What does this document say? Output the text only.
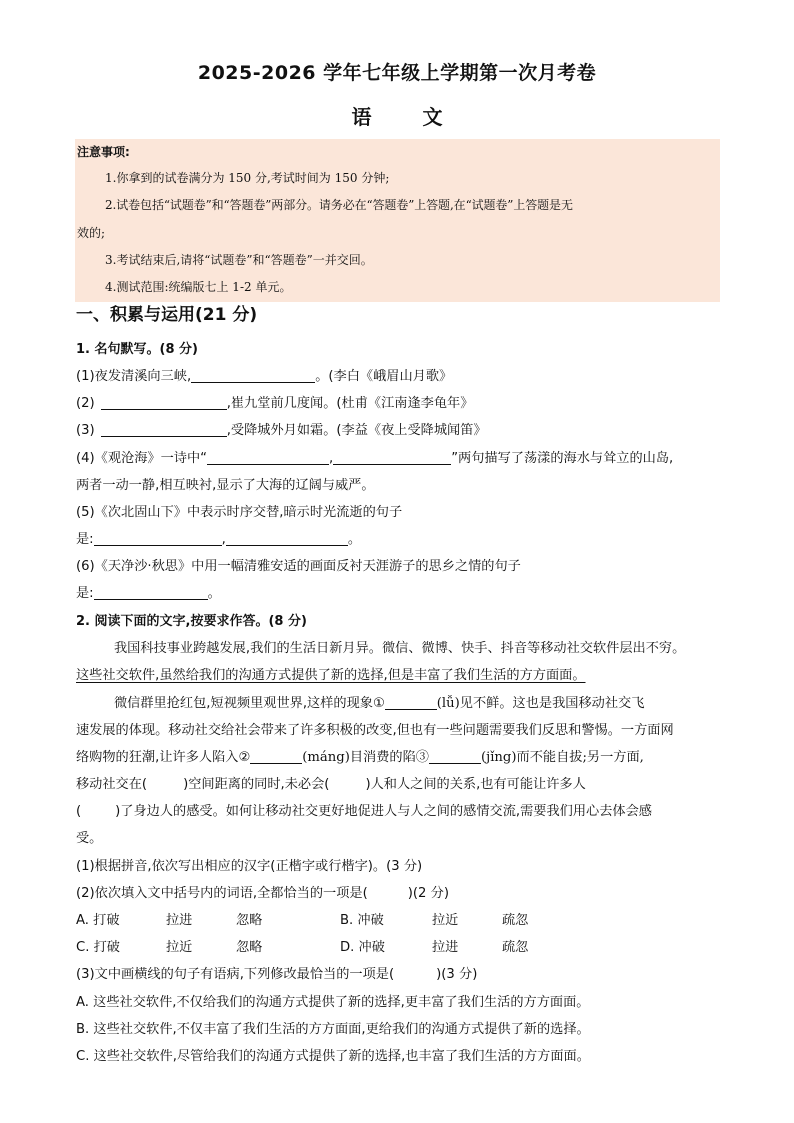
2025-2026 学年七年级上学期第一次月考卷
语 文
注意事项:
1.你拿到的试卷满分为 150 分,考试时间为 150 分钟;
2.试卷包括“试题卷”和“答题卷”两部分。请务必在“答题卷”上答题,在“试题卷”上答题是无
效的;
3.考试结束后,请将“试题卷”和“答题卷”一并交回。
4.测试范围:统编版七上 1-2 单元。
一、积累与运用(21 分)
1. 名句默写。(8 分)
(1)夜发清溪向三峡,	。(李白《峨眉山月歌》
(2)	,崔九堂前几度闻。(杜甫《江南逢李龟年》
(3)	,受降城外月如霜。(李益《夜上受降城闻笛》
(4)《观沧海》一诗中“	,	”两句描写了荡漾的海水与耸立的山岛,
两者一动一静,相互映衬,显示了大海的辽阔与威严。
(5)《次北固山下》中表示时序交替,暗示时光流逝的句子
是:	,	。
(6)《天净沙·秋思》中用一幅清雅安适的画面反衬天涯游子的思乡之情的句子
是:	。
2. 阅读下面的文字,按要求作答。(8 分)
我国科技事业跨越发展,我们的生活日新月异。微信、微博、快手、抖音等移动社交软件层出不穷。
这些社交软件,虽然给我们的沟通方式提供了新的选择,但是丰富了我们生活的方方面面。
微信群里抢红包,短视频里观世界,这样的现象①	(lǚ)见不鲜。这也是我国移动社交飞
速发展的体现。移动社交给社会带来了许多积极的改变,但也有一些问题需要我们反思和警惕。一方面网
络购物的狂潮,让许多人陷入②	(máng)目消费的陷③	(jǐng)而不能自拔;另一方面,
移动社交在(	)空间距离的同时,未必会(	)人和人之间的关系,也有可能让许多人
(	)了身边人的感受。如何让移动社交更好地促进人与人之间的感情交流,需要我们用心去体会感
受。
(1)根据拼音,依次写出相应的汉字(正楷字或行楷字)。(3 分)
(2)依次填入文中括号内的词语,全都恰当的一项是(	)(2 分)
A. 打破	拉进	忽略	B. 冲破	拉近	疏忽
C. 打破	拉近	忽略	D. 冲破	拉进	疏忽
(3)文中画横线的句子有语病,下列修改最恰当的一项是(	)(3 分)
A. 这些社交软件,不仅给我们的沟通方式提供了新的选择,更丰富了我们生活的方方面面。
B. 这些社交软件,不仅丰富了我们生活的方方面面,更给我们的沟通方式提供了新的选择。
C. 这些社交软件,尽管给我们的沟通方式提供了新的选择,也丰富了我们生活的方方面面。
